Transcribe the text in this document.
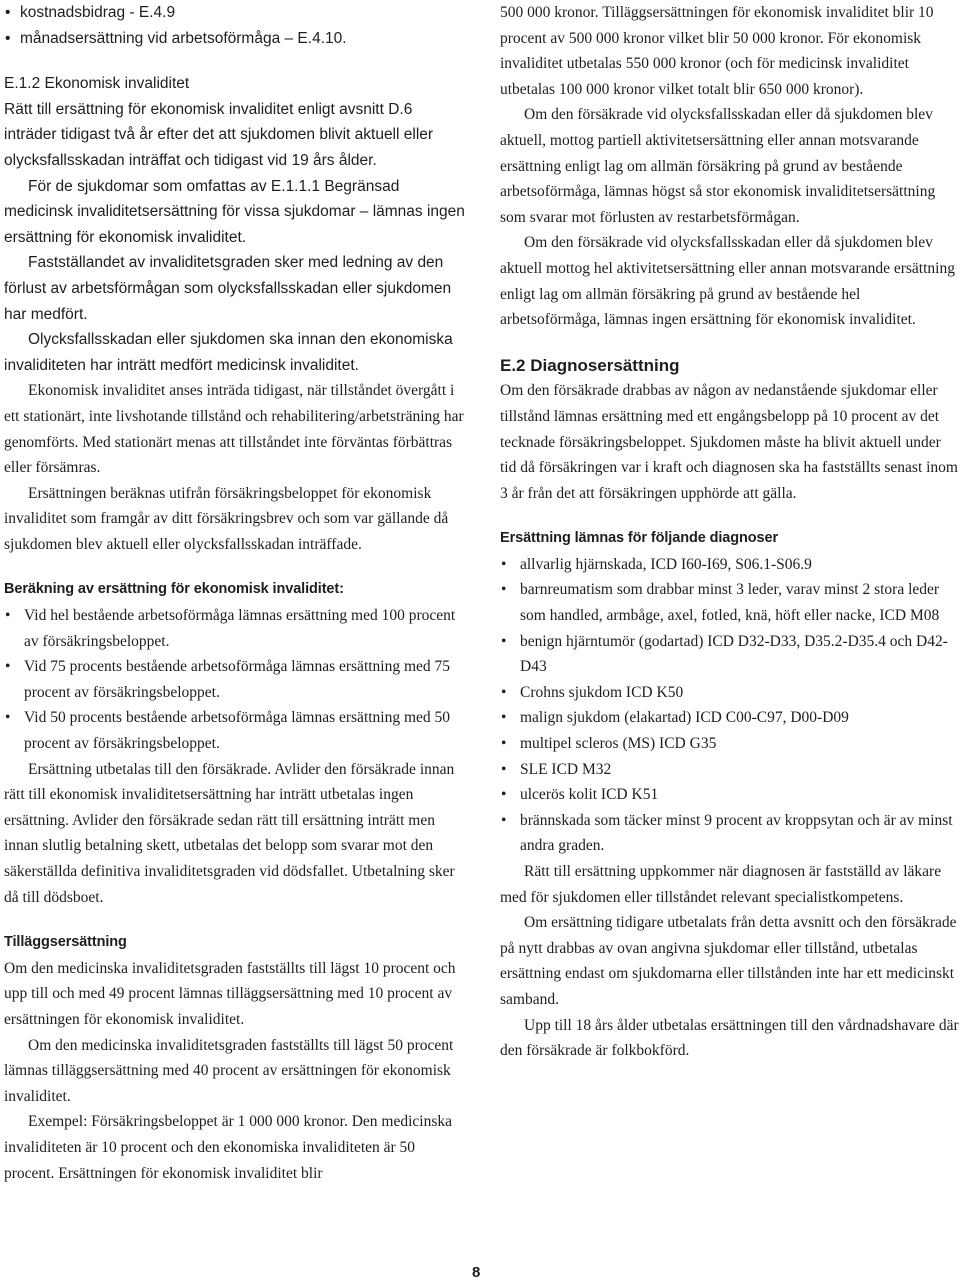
• kostnadsbidrag - E.4.9
• månadsersättning vid arbetsoförmåga – E.4.10.
E.1.2 Ekonomisk invaliditet

Rätt till ersättning för ekonomisk invaliditet enligt avsnitt D.6 inträder tidigast två år efter det att sjukdomen blivit aktuell eller olycksfallsskadan inträffat och tidigast vid 19 års ålder.

För de sjukdomar som omfattas av E.1.1.1 Begränsad medicinsk invaliditetsersättning för vissa sjukdomar – lämnas ingen ersättning för ekonomisk invaliditet.

Fastställandet av invaliditetsgraden sker med ledning av den förlust av arbetsförmågan som olycksfallsskadan eller sjukdomen har medfört.

Olycksfallsskadan eller sjukdomen ska innan den ekonomiska invaliditeten har inträtt medfört medicinsk invaliditet.

Ekonomisk invaliditet anses inträda tidigast, när tillståndet övergått i ett stationärt, inte livshotande tillstånd och rehabilitering/arbetsträning har genomförts. Med stationärt menas att tillståndet inte förväntas förbättras eller försämras.

Ersättningen beräknas utifrån försäkringsbeloppet för ekonomisk invaliditet som framgår av ditt försäkringsbrev och som var gällande då sjukdomen blev aktuell eller olycksfallsskadan inträffade.

Beräkning av ersättning för ekonomisk invaliditet:
• Vid hel bestående arbetsoförmåga lämnas ersättning med 100 procent av försäkringsbeloppet.
• Vid 75 procents bestående arbetsoförmåga lämnas ersättning med 75 procent av försäkringsbeloppet.
• Vid 50 procents bestående arbetsoförmåga lämnas ersättning med 50 procent av försäkringsbeloppet.

Ersättning utbetalas till den försäkrade. Avlider den försäkrade innan rätt till ekonomisk invaliditetsersättning har inträtt utbetalas ingen ersättning. Avlider den försäkrade sedan rätt till ersättning inträtt men innan slutlig betalning skett, utbetalas det belopp som svarar mot den säkerställda definitiva invaliditetsgraden vid dödsfallet. Utbetalning sker då till dödsboet.

Tilläggsersättning

Om den medicinska invaliditetsgraden fastställts till lägst 10 procent och upp till och med 49 procent lämnas tilläggsersättning med 10 procent av ersättningen för ekonomisk invaliditet.

Om den medicinska invaliditetsgraden fastställts till lägst 50 procent lämnas tilläggsersättning med 40 procent av ersättningen för ekonomisk invaliditet.

Exempel: Försäkringsbeloppet är 1 000 000 kronor. Den medicinska invaliditeten är 10 procent och den ekonomiska invaliditeten är 50 procent. Ersättningen för ekonomisk invaliditet blir

500 000 kronor. Tilläggsersättningen för ekonomisk invaliditet blir 10 procent av 500 000 kronor vilket blir 50 000 kronor. För ekonomisk invaliditet utbetalas 550 000 kronor (och för medicinsk invaliditet utbetalas 100 000 kronor vilket totalt blir 650 000 kronor).

Om den försäkrade vid olycksfallsskadan eller då sjukdomen blev aktuell, mottog partiell aktivitetsersättning eller annan motsvarande ersättning enligt lag om allmän försäkring på grund av bestående arbetsoförmåga, lämnas högst så stor ekonomisk invaliditetsersättning som svarar mot förlusten av restarbetsförmågan.

Om den försäkrade vid olycksfallsskadan eller då sjukdomen blev aktuell mottog hel aktivitetsersättning eller annan motsvarande ersättning enligt lag om allmän försäkring på grund av bestående hel arbetsoförmåga, lämnas ingen ersättning för ekonomisk invaliditet.

E.2 Diagnosersättning

Om den försäkrade drabbas av någon av nedanstående sjukdomar eller tillstånd lämnas ersättning med ett engångsbelopp på 10 procent av det tecknade försäkringsbeloppet. Sjukdomen måste ha blivit aktuell under tid då försäkringen var i kraft och diagnosen ska ha fastställts senast inom 3 år från det att försäkringen upphörde att gälla.

Ersättning lämnas för följande diagnoser
• allvarlig hjärnskada, ICD I60-I69, S06.1-S06.9
• barnreumatism som drabbar minst 3 leder, varav minst 2 stora leder som handled, armbåge, axel, fotled, knä, höft eller nacke, ICD M08
• benign hjärntumör (godartad) ICD D32-D33, D35.2-D35.4 och D42-D43
• Crohns sjukdom ICD K50
• malign sjukdom (elakartad) ICD C00-C97, D00-D09
• multipel scleros (MS) ICD G35
• SLE ICD M32
• ulcerös kolit ICD K51
• brännskada som täcker minst 9 procent av kroppsytan och är av minst andra graden.

Rätt till ersättning uppkommer när diagnosen är fastställd av läkare med för sjukdomen eller tillståndet relevant specialistkompetens.

Om ersättning tidigare utbetalats från detta avsnitt och den försäkrade på nytt drabbas av ovan angivna sjukdomar eller tillstånd, utbetalas ersättning endast om sjukdomarna eller tillstånden inte har ett medicinskt samband.

Upp till 18 års ålder utbetalas ersättningen till den vårdnadshavare där den försäkrade är folkbokförd.

8
